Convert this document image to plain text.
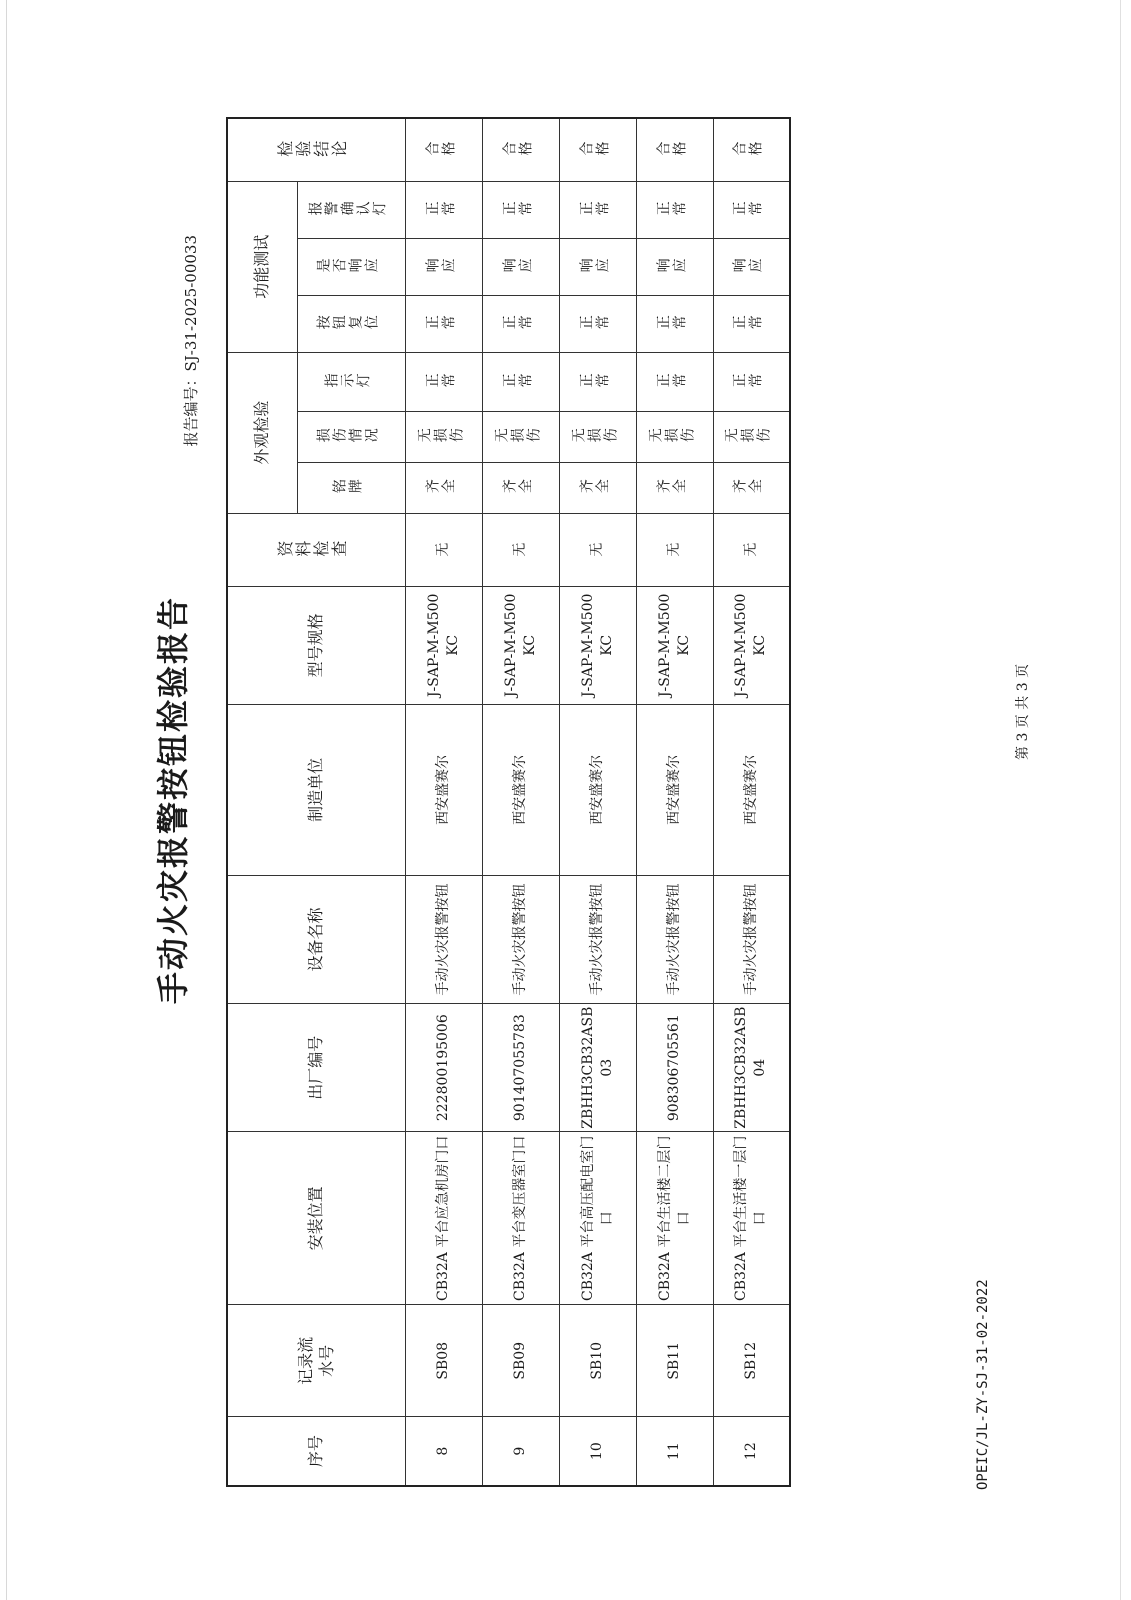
手动火灾报警按钮检验报告
报告编号：SJ-31-2025-00033
序号	记录流水号	安装位置	出厂编号	设备名称	制造单位	型号规格	资料检查	外观检验			功能测试			检验结论
								铭牌	损伤情况	指示灯	按钮复位	是否响应	报警确认灯	
8	SB08	CB32A 平台应急机房门口	222800195006	手动火灾报警按钮	西安盛赛尔	J-SAP-M-M500KC	无	齐全	无损伤	正常	正常	响应	正常	合格
9	SB09	CB32A 平台变压器室门口	901407055783	手动火灾报警按钮	西安盛赛尔	J-SAP-M-M500KC	无	齐全	无损伤	正常	正常	响应	正常	合格
10	SB10	CB32A 平台高压配电室门口	ZBHH3CB32ASB03	手动火灾报警按钮	西安盛赛尔	J-SAP-M-M500KC	无	齐全	无损伤	正常	正常	响应	正常	合格
11	SB11	CB32A 平台生活楼二层门口	908306705561	手动火灾报警按钮	西安盛赛尔	J-SAP-M-M500KC	无	齐全	无损伤	正常	正常	响应	正常	合格
12	SB12	CB32A 平台生活楼一层门口	ZBHH3CB32ASB04	手动火灾报警按钮	西安盛赛尔	J-SAP-M-M500KC	无	齐全	无损伤	正常	正常	响应	正常	合格
OPEIC/JL-ZY-SJ-31-02-2022
第 3 页 共 3 页
